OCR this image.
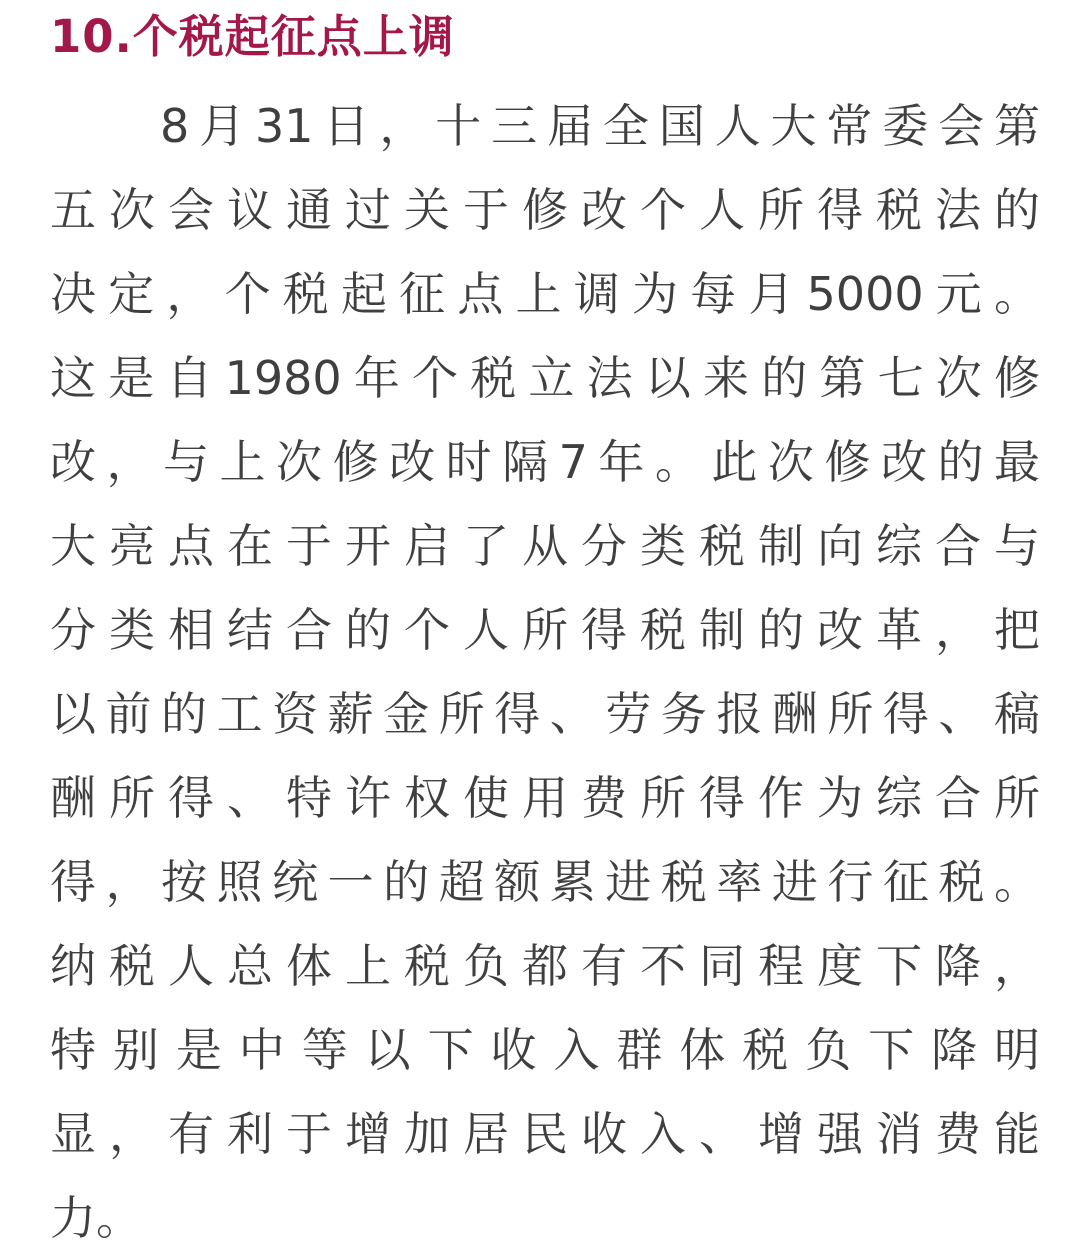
10.个税起征点上调
8月31日，十三届全国人大常委会第
五次会议通过关于修改个人所得税法的
决定，个税起征点上调为每月5000元。
这是自1980年个税立法以来的第七次修
改，与上次修改时隔7年。此次修改的最
大亮点在于开启了从分类税制向综合与
分类相结合的个人所得税制的改革，把
以前的工资薪金所得、劳务报酬所得、稿
酬所得、特许权使用费所得作为综合所
得，按照统一的超额累进税率进行征税。
纳税人总体上税负都有不同程度下降，
特别是中等以下收入群体税负下降明
显，有利于增加居民收入、增强消费能
力。
